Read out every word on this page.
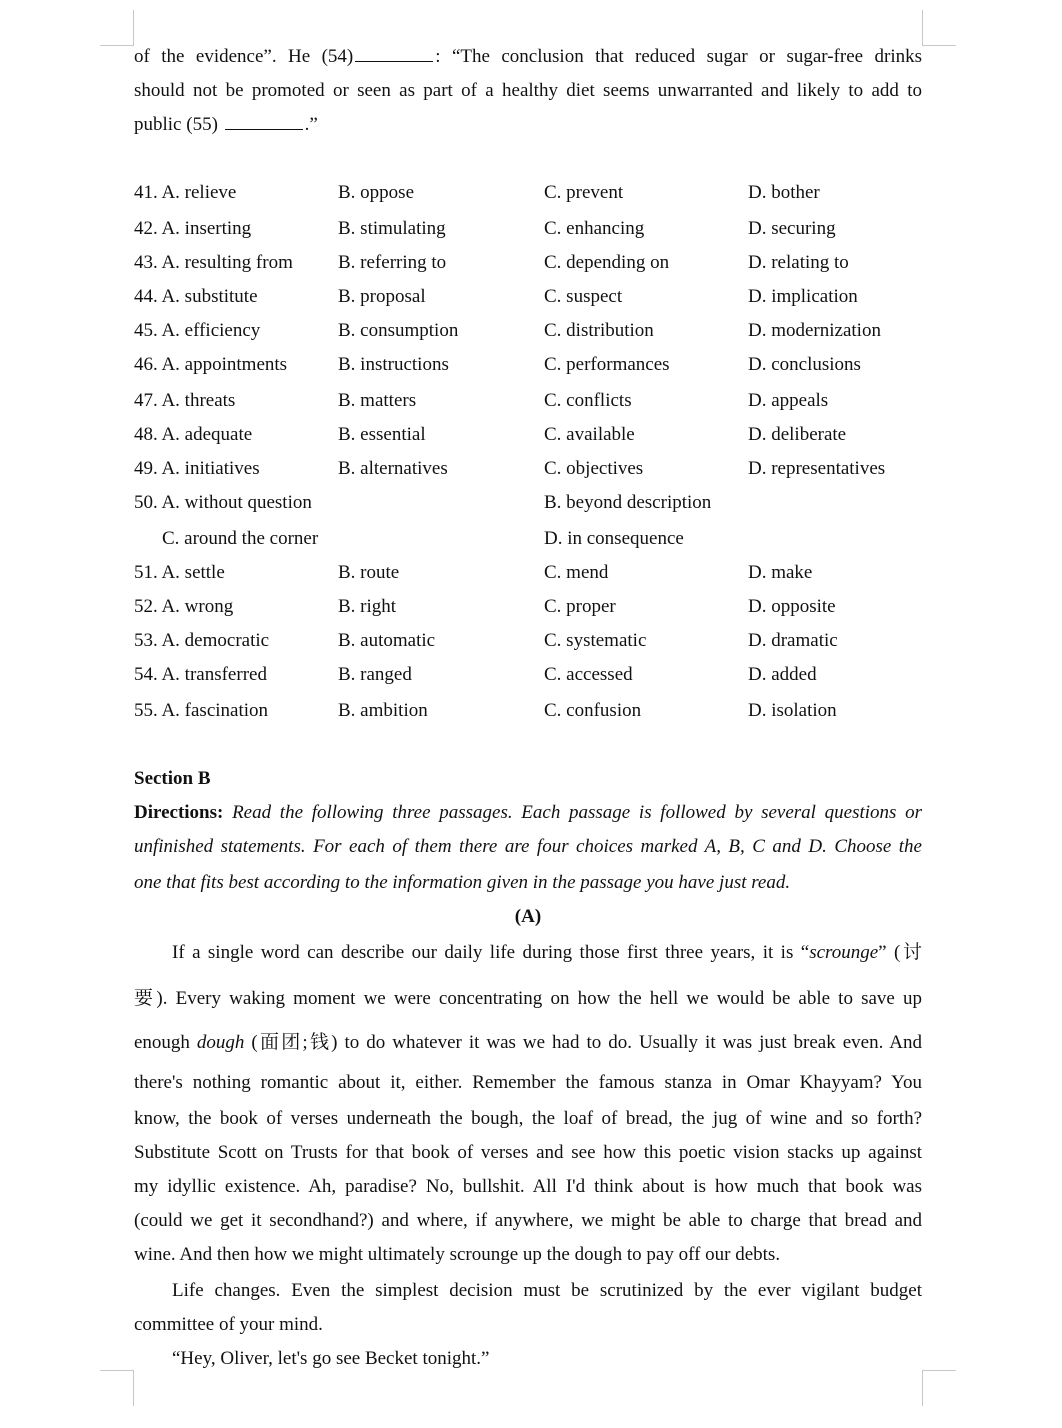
of the evidence”. He (54)	: “The conclusion that reduced sugar or sugar-free drinks
should not be promoted or seen as part of a healthy diet seems unwarranted and likely to add to
public (55)	.”
41. A. relieve	B. oppose	C. prevent	D. bother
42. A. inserting	B. stimulating	C. enhancing	D. securing
43. A. resulting from B. referring to	C. depending on	D. relating to
44. A. substitute	B. proposal	C. suspect	D. implication
45. A. efficiency	B. consumption	C. distribution	D. modernization
46. A. appointments	B. instructions	C. performances	D. conclusions
47. A. threats	B. matters	C. conflicts	D. appeals
48. A. adequate	B. essential	C. available	D. deliberate
49. A. initiatives	B. alternatives	C. objectives	D. representatives
50. A. without question	B. beyond description
C. around the corner	D. in consequence
51. A. settle	B. route	C. mend	D. make
52. A. wrong	B. right	C. proper	D. opposite
53. A. democratic	B. automatic	C. systematic	D. dramatic
54. A. transferred	B. ranged	C. accessed	D. added
55. A. fascination	B. ambition	C. confusion	D. isolation
Section B
Directions: Read the following three passages. Each passage is followed by several questions or
unfinished statements. For each of them there are four choices marked A, B, C and D. Choose the
one that fits best according to the information given in the passage you have just read.
(A)
If a single word can describe our daily life during those first three years, it is “scrounge” (讨
要). Every waking moment we were concentrating on how the hell we would be able to save up
enough dough (面团;钱) to do whatever it was we had to do. Usually it was just break even. And
there's nothing romantic about it, either. Remember the famous stanza in Omar Khayyam? You
know, the book of verses underneath the bough, the loaf of bread, the jug of wine and so forth?
Substitute Scott on Trusts for that book of verses and see how this poetic vision stacks up against
my idyllic existence. Ah, paradise? No, bullshit. All I'd think about is how much that book was
(could we get it secondhand?) and where, if anywhere, we might be able to charge that bread and
wine. And then how we might ultimately scrounge up the dough to pay off our debts.
Life changes. Even the simplest decision must be scrutinized by the ever vigilant budget
committee of your mind.
“Hey, Oliver, let's go see Becket tonight.”
